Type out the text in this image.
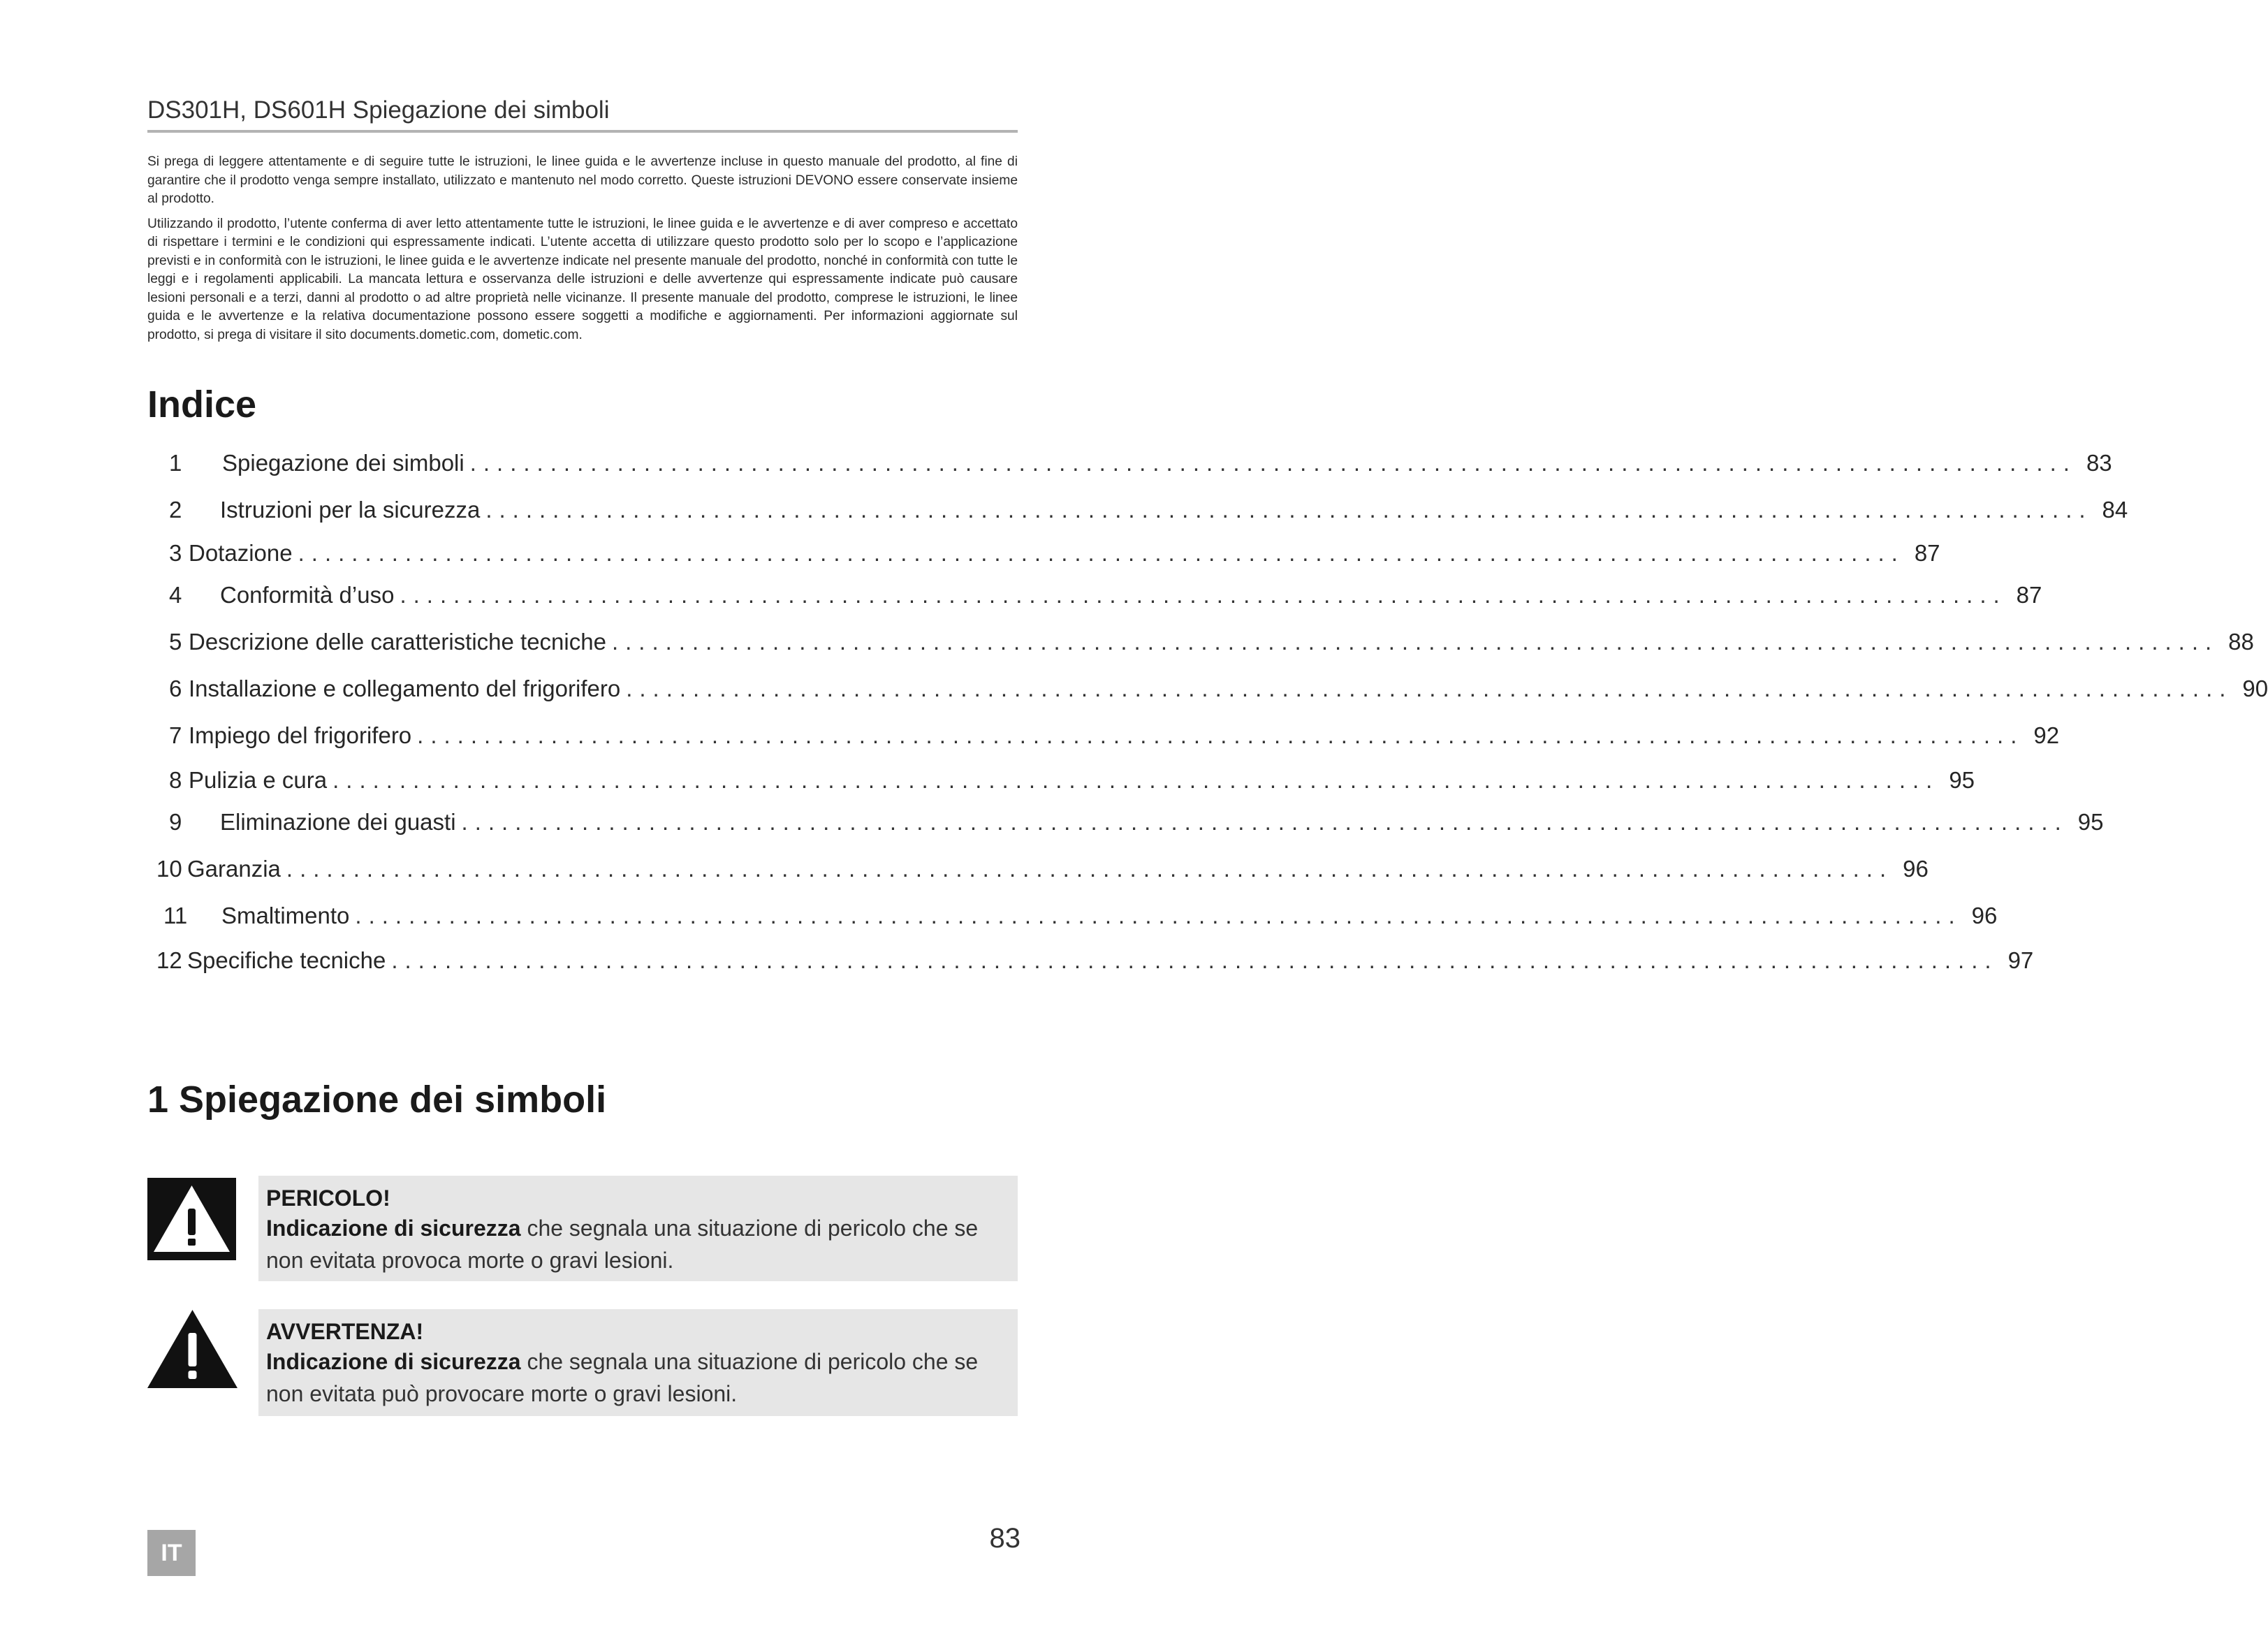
DS301H, DS601H Spiegazione dei simboli

Si prega di leggere attentamente e di seguire tutte le istruzioni, le linee guida e le avvertenze incluse in questo manuale del prodotto, al fine di garantire che il prodotto venga sempre installato, utilizzato e mantenuto nel modo corretto. Queste istruzioni DEVONO essere conservate insieme al prodotto.

Utilizzando il prodotto, l’utente conferma di aver letto attentamente tutte le istruzioni, le linee guida e le avvertenze e di aver compreso e accettato di rispettare i termini e le condizioni qui espressamente indicati. L’utente accetta di utilizzare questo prodotto solo per lo scopo e l’applicazione previsti e in conformità con le istruzioni, le linee guida e le avvertenze indicate nel presente manuale del prodotto, nonché in conformità con tutte le leggi e i regolamenti applicabili. La mancata lettura e osservanza delle istruzioni e delle avvertenze qui espressamente indicate può causare lesioni personali e a terzi, danni al prodotto o ad altre proprietà nelle vicinanze. Il presente manuale del prodotto, comprese le istruzioni, le linee guida e le avvertenze e la relativa documentazione possono essere soggetti a modifiche e aggiornamenti. Per informazioni aggiornate sul prodotto, si prega di visitare il sito documents.dometic.com, dometic.com.

Indice
1	Spiegazione dei simboli ........................................................................................................................ 83
2	Istruzioni per la sicurezza ........................................................................................................................ 84
3 Dotazione ........................................................................................................................ 87
4	Conformità d’uso ........................................................................................................................ 87
5 Descrizione delle caratteristiche tecniche ........................................................................................................................ 88
6 Installazione e collegamento del frigorifero ........................................................................................................................ 90
7 Impiego del frigorifero ........................................................................................................................ 92
8 Pulizia e cura ........................................................................................................................ 95
9	Eliminazione dei guasti ........................................................................................................................ 95
10 Garanzia ........................................................................................................................ 96
11	Smaltimento ........................................................................................................................ 96
12 Specifiche tecniche ........................................................................................................................ 97
1 Spiegazione dei simboli
PERICOLO!
Indicazione di sicurezza che segnala una situazione di pericolo che se non evitata provoca morte o gravi lesioni.
AVVERTENZA!
Indicazione di sicurezza che segnala una situazione di pericolo che se non evitata può provocare morte o gravi lesioni.
IT	83
